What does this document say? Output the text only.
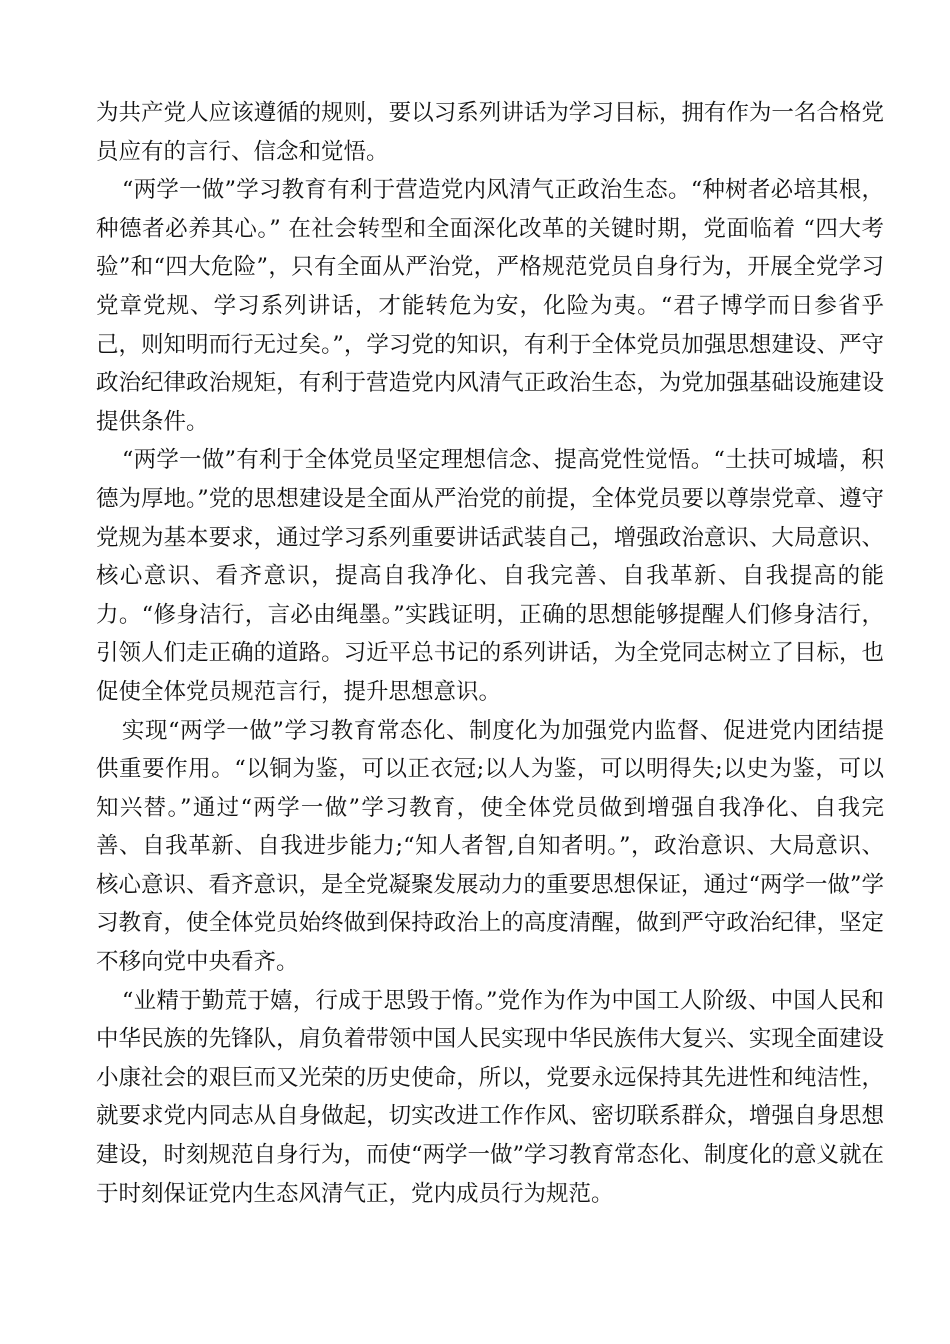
为共产党人应该遵循的规则，要以习系列讲话为学习目标，拥有作为一名合格党员应有的言行、信念和觉悟。

“两学一做”学习教育有利于营造党内风清气正政治生态。“种树者必培其根，种德者必养其心。” 在社会转型和全面深化改革的关键时期，党面临着 “四大考验”和“四大危险”，只有全面从严治党，严格规范党员自身行为，开展全党学习党章党规、学习系列讲话，才能转危为安，化险为夷。“君子博学而日参省乎己，则知明而行无过矣。”，学习党的知识，有利于全体党员加强思想建设、严守政治纪律政治规矩，有利于营造党内风清气正政治生态，为党加强基础设施建设提供条件。

“两学一做”有利于全体党员坚定理想信念、提高党性觉悟。“土扶可城墙，积德为厚地。”党的思想建设是全面从严治党的前提，全体党员要以尊崇党章、遵守党规为基本要求，通过学习系列重要讲话武装自己，增强政治意识、大局意识、核心意识、看齐意识，提高自我净化、自我完善、自我革新、自我提高的能力。“修身洁行，言必由绳墨。”实践证明，正确的思想能够提醒人们修身洁行，引领人们走正确的道路。习近平总书记的系列讲话，为全党同志树立了目标，也促使全体党员规范言行，提升思想意识。

实现“两学一做”学习教育常态化、制度化为加强党内监督、促进党内团结提供重要作用。“以铜为鉴，可以正衣冠;以人为鉴，可以明得失;以史为鉴，可以知兴替。”通过“两学一做”学习教育，使全体党员做到增强自我净化、自我完善、自我革新、自我进步能力;“知人者智,自知者明。”，政治意识、大局意识、核心意识、看齐意识，是全党凝聚发展动力的重要思想保证，通过“两学一做”学习教育，使全体党员始终做到保持政治上的高度清醒，做到严守政治纪律，坚定不移向党中央看齐。

“业精于勤荒于嬉，行成于思毁于惰。”党作为作为中国工人阶级、中国人民和中华民族的先锋队，肩负着带领中国人民实现中华民族伟大复兴、实现全面建设小康社会的艰巨而又光荣的历史使命，所以，党要永远保持其先进性和纯洁性，就要求党内同志从自身做起，切实改进工作作风、密切联系群众，增强自身思想建设，时刻规范自身行为，而使“两学一做”学习教育常态化、制度化的意义就在于时刻保证党内生态风清气正，党内成员行为规范。
